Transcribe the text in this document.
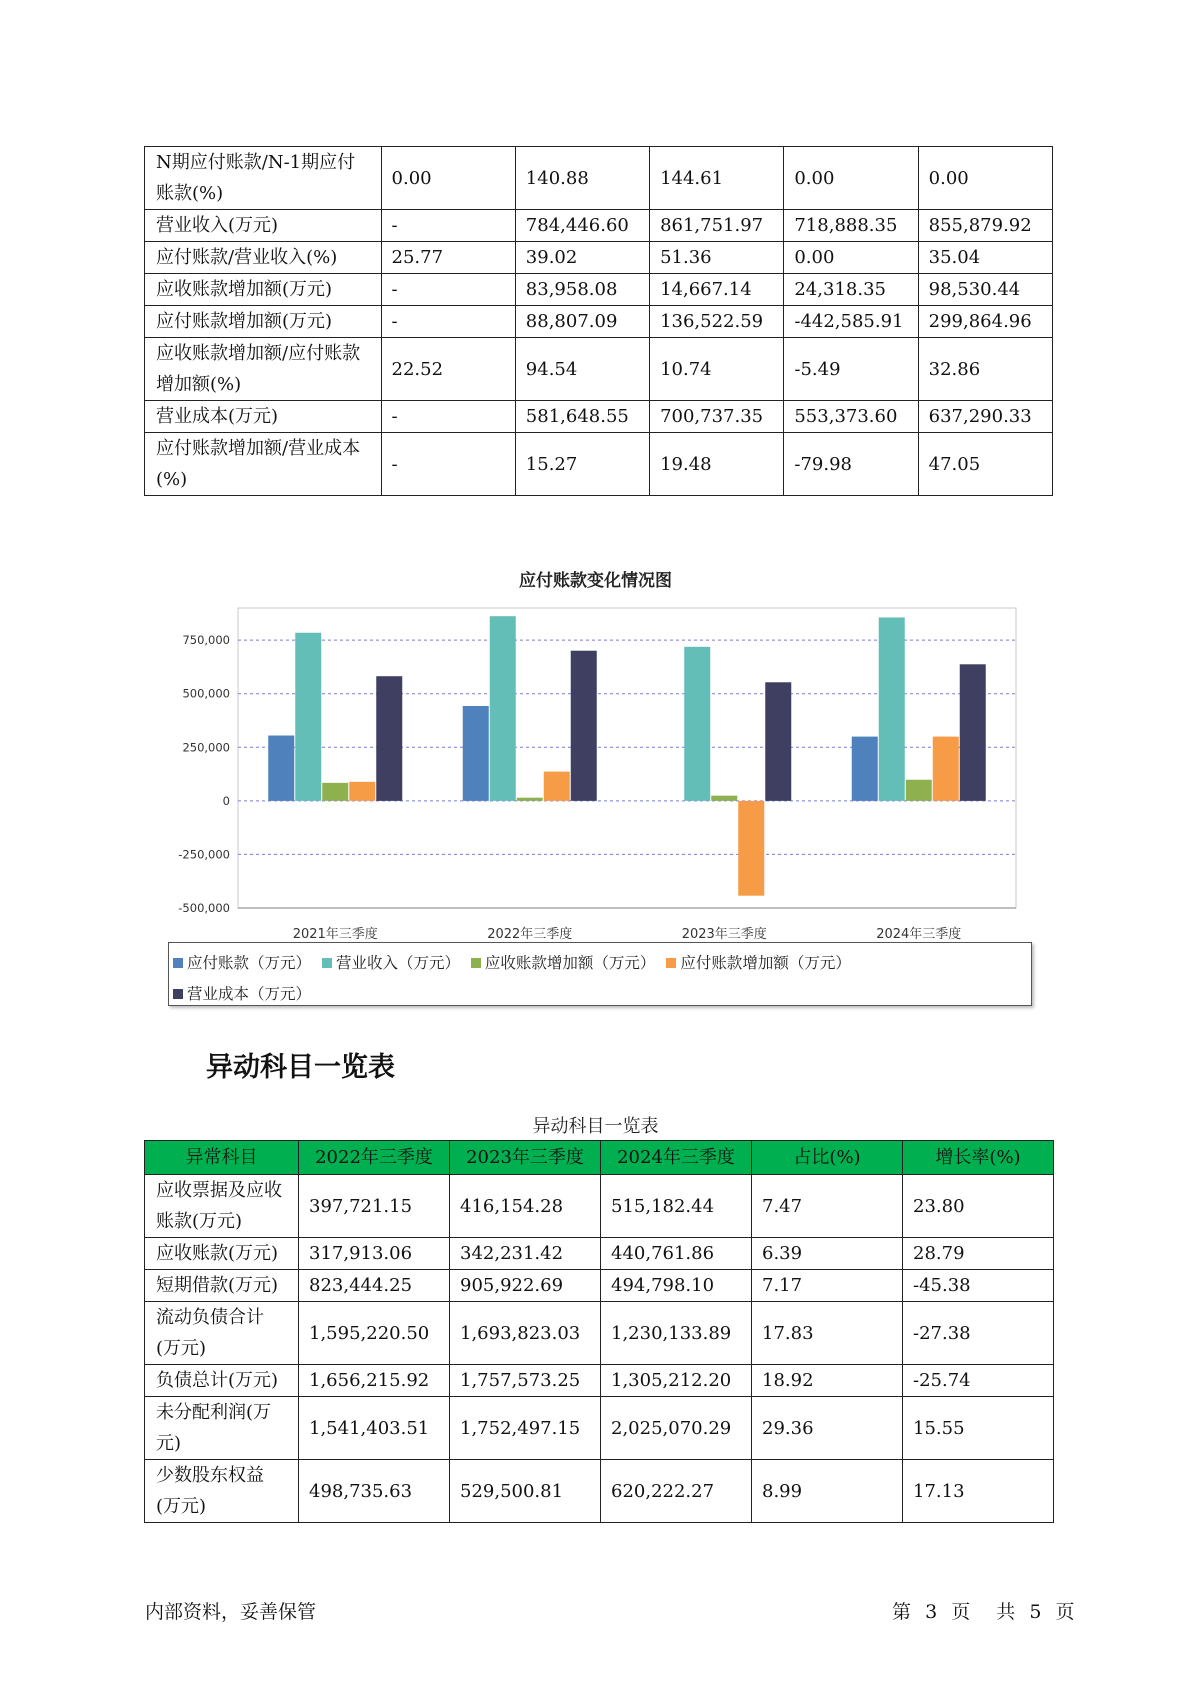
N期应付账款/N-1期应付账款(%)	0.00	140.88	144.61	0.00	0.00
营业收入(万元)	-	784,446.60	861,751.97	718,888.35	855,879.92
应付账款/营业收入(%)	25.77	39.02	51.36	0.00	35.04
应收账款增加额(万元)	-	83,958.08	14,667.14	24,318.35	98,530.44
应付账款增加额(万元)	-	88,807.09	136,522.59	-442,585.91	299,864.96
应收账款增加额/应付账款增加额(%)	22.52	94.54	10.74	-5.49	32.86
营业成本(万元)	-	581,648.55	700,737.35	553,373.60	637,290.33
应付账款增加额/营业成本(%)	-	15.27	19.48	-79.98	47.05
应付账款变化情况图
-500,000
-250,000
0
250,000
500,000
750,000
2021年三季度	2022年三季度	2023年三季度	2024年三季度
应付账款（万元） 营业收入（万元） 应收账款增加额（万元） 应付账款增加额（万元）
营业成本（万元）
异动科目一览表
异动科目一览表
异常科目	2022年三季度	2023年三季度	2024年三季度	占比(%)	增长率(%)
应收票据及应收账款(万元)	397,721.15	416,154.28	515,182.44	7.47	23.80
应收账款(万元)	317,913.06	342,231.42	440,761.86	6.39	28.79
短期借款(万元)	823,444.25	905,922.69	494,798.10	7.17	-45.38
流动负债合计(万元)	1,595,220.50	1,693,823.03	1,230,133.89	17.83	-27.38
负债总计(万元)	1,656,215.92	1,757,573.25	1,305,212.20	18.92	-25.74
未分配利润(万元)	1,541,403.51	1,752,497.15	2,025,070.29	29.36	15.55
少数股东权益(万元)	498,735.63	529,500.81	620,222.27	8.99	17.13
内部资料，妥善保管	第 3 页 共 5 页
